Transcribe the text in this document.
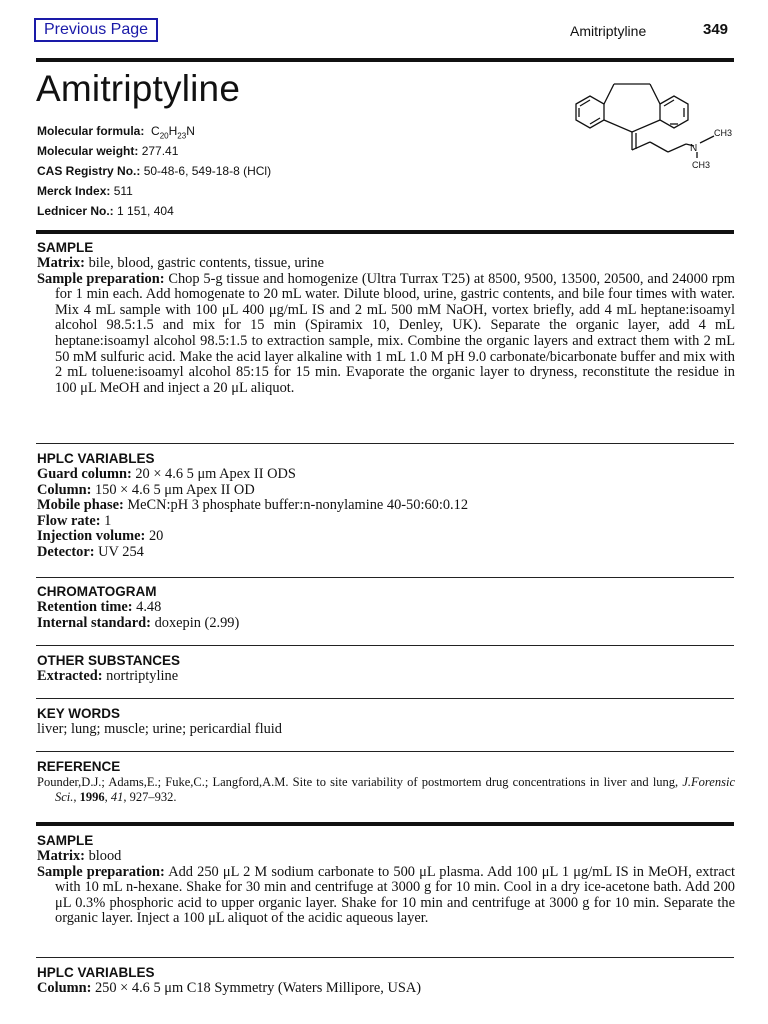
Previous Page	Amitriptyline	349
Amitriptyline
Molecular formula: $C_{20}H_{23}N$
Molecular weight: 277.41
CAS Registry No.: 50-48-6, 549-18-8 (HCl)
Merck Index: 511
Lednicer No.: 1 151, 404
N
CH3
CH3

SAMPLE

Matrix: bile, blood, gastric contents, tissue, urine

Sample preparation: Chop 5-g tissue and homogenize (Ultra Turrax T25) at 8500, 9500, 13500, 20500, and 24000 rpm for 1 min each. Add homogenate to 20 mL water. Dilute blood, urine, gastric contents, and bile four times with water. Mix 4 mL sample with 100 μL 400 μg/mL IS and 2 mL 500 mM NaOH, vortex briefly, add 4 mL heptane:isoamyl alcohol 98.5:1.5 and mix for 15 min (Spiramix 10, Denley, UK). Separate the organic layer, add 4 mL heptane:isoamyl alcohol 98.5:1.5 to extraction sample, mix. Combine the organic layers and extract them with 2 mL 50 mM sulfuric acid. Make the acid layer alkaline with 1 mL 1.0 M pH 9.0 carbonate/bicarbonate buffer and mix with 2 mL toluene:isoamyl alcohol 85:15 for 15 min. Evaporate the organic layer to dryness, reconstitute the residue in 100 μL MeOH and inject a 20 μL aliquot.

HPLC VARIABLES

Guard column: 20 × 4.6 5 μm Apex II ODS

Column: 150 × 4.6 5 μm Apex II OD

Mobile phase: MeCN:pH 3 phosphate buffer:n-nonylamine 40-50:60:0.12

Flow rate: 1

Injection volume: 20

Detector: UV 254

CHROMATOGRAM

Retention time: 4.48

Internal standard: doxepin (2.99)

OTHER SUBSTANCES

Extracted: nortriptyline

KEY WORDS

liver; lung; muscle; urine; pericardial fluid

REFERENCE

Pounder,D.J.; Adams,E.; Fuke,C.; Langford,A.M. Site to site variability of postmortem drug concentrations in liver and lung, J.Forensic Sci., 1996, 41, 927–932.

SAMPLE

Matrix: blood

Sample preparation: Add 250 μL 2 M sodium carbonate to 500 μL plasma. Add 100 μL 1 μg/mL IS in MeOH, extract with 10 mL n-hexane. Shake for 30 min and centrifuge at 3000 g for 10 min. Cool in a dry ice-acetone bath. Add 200 μL 0.3% phosphoric acid to upper organic layer. Shake for 10 min and centrifuge at 3000 g for 10 min. Separate the organic layer. Inject a 100 μL aliquot of the acidic aqueous layer.

HPLC VARIABLES

Column: 250 × 4.6 5 μm C18 Symmetry (Waters Millipore, USA)
